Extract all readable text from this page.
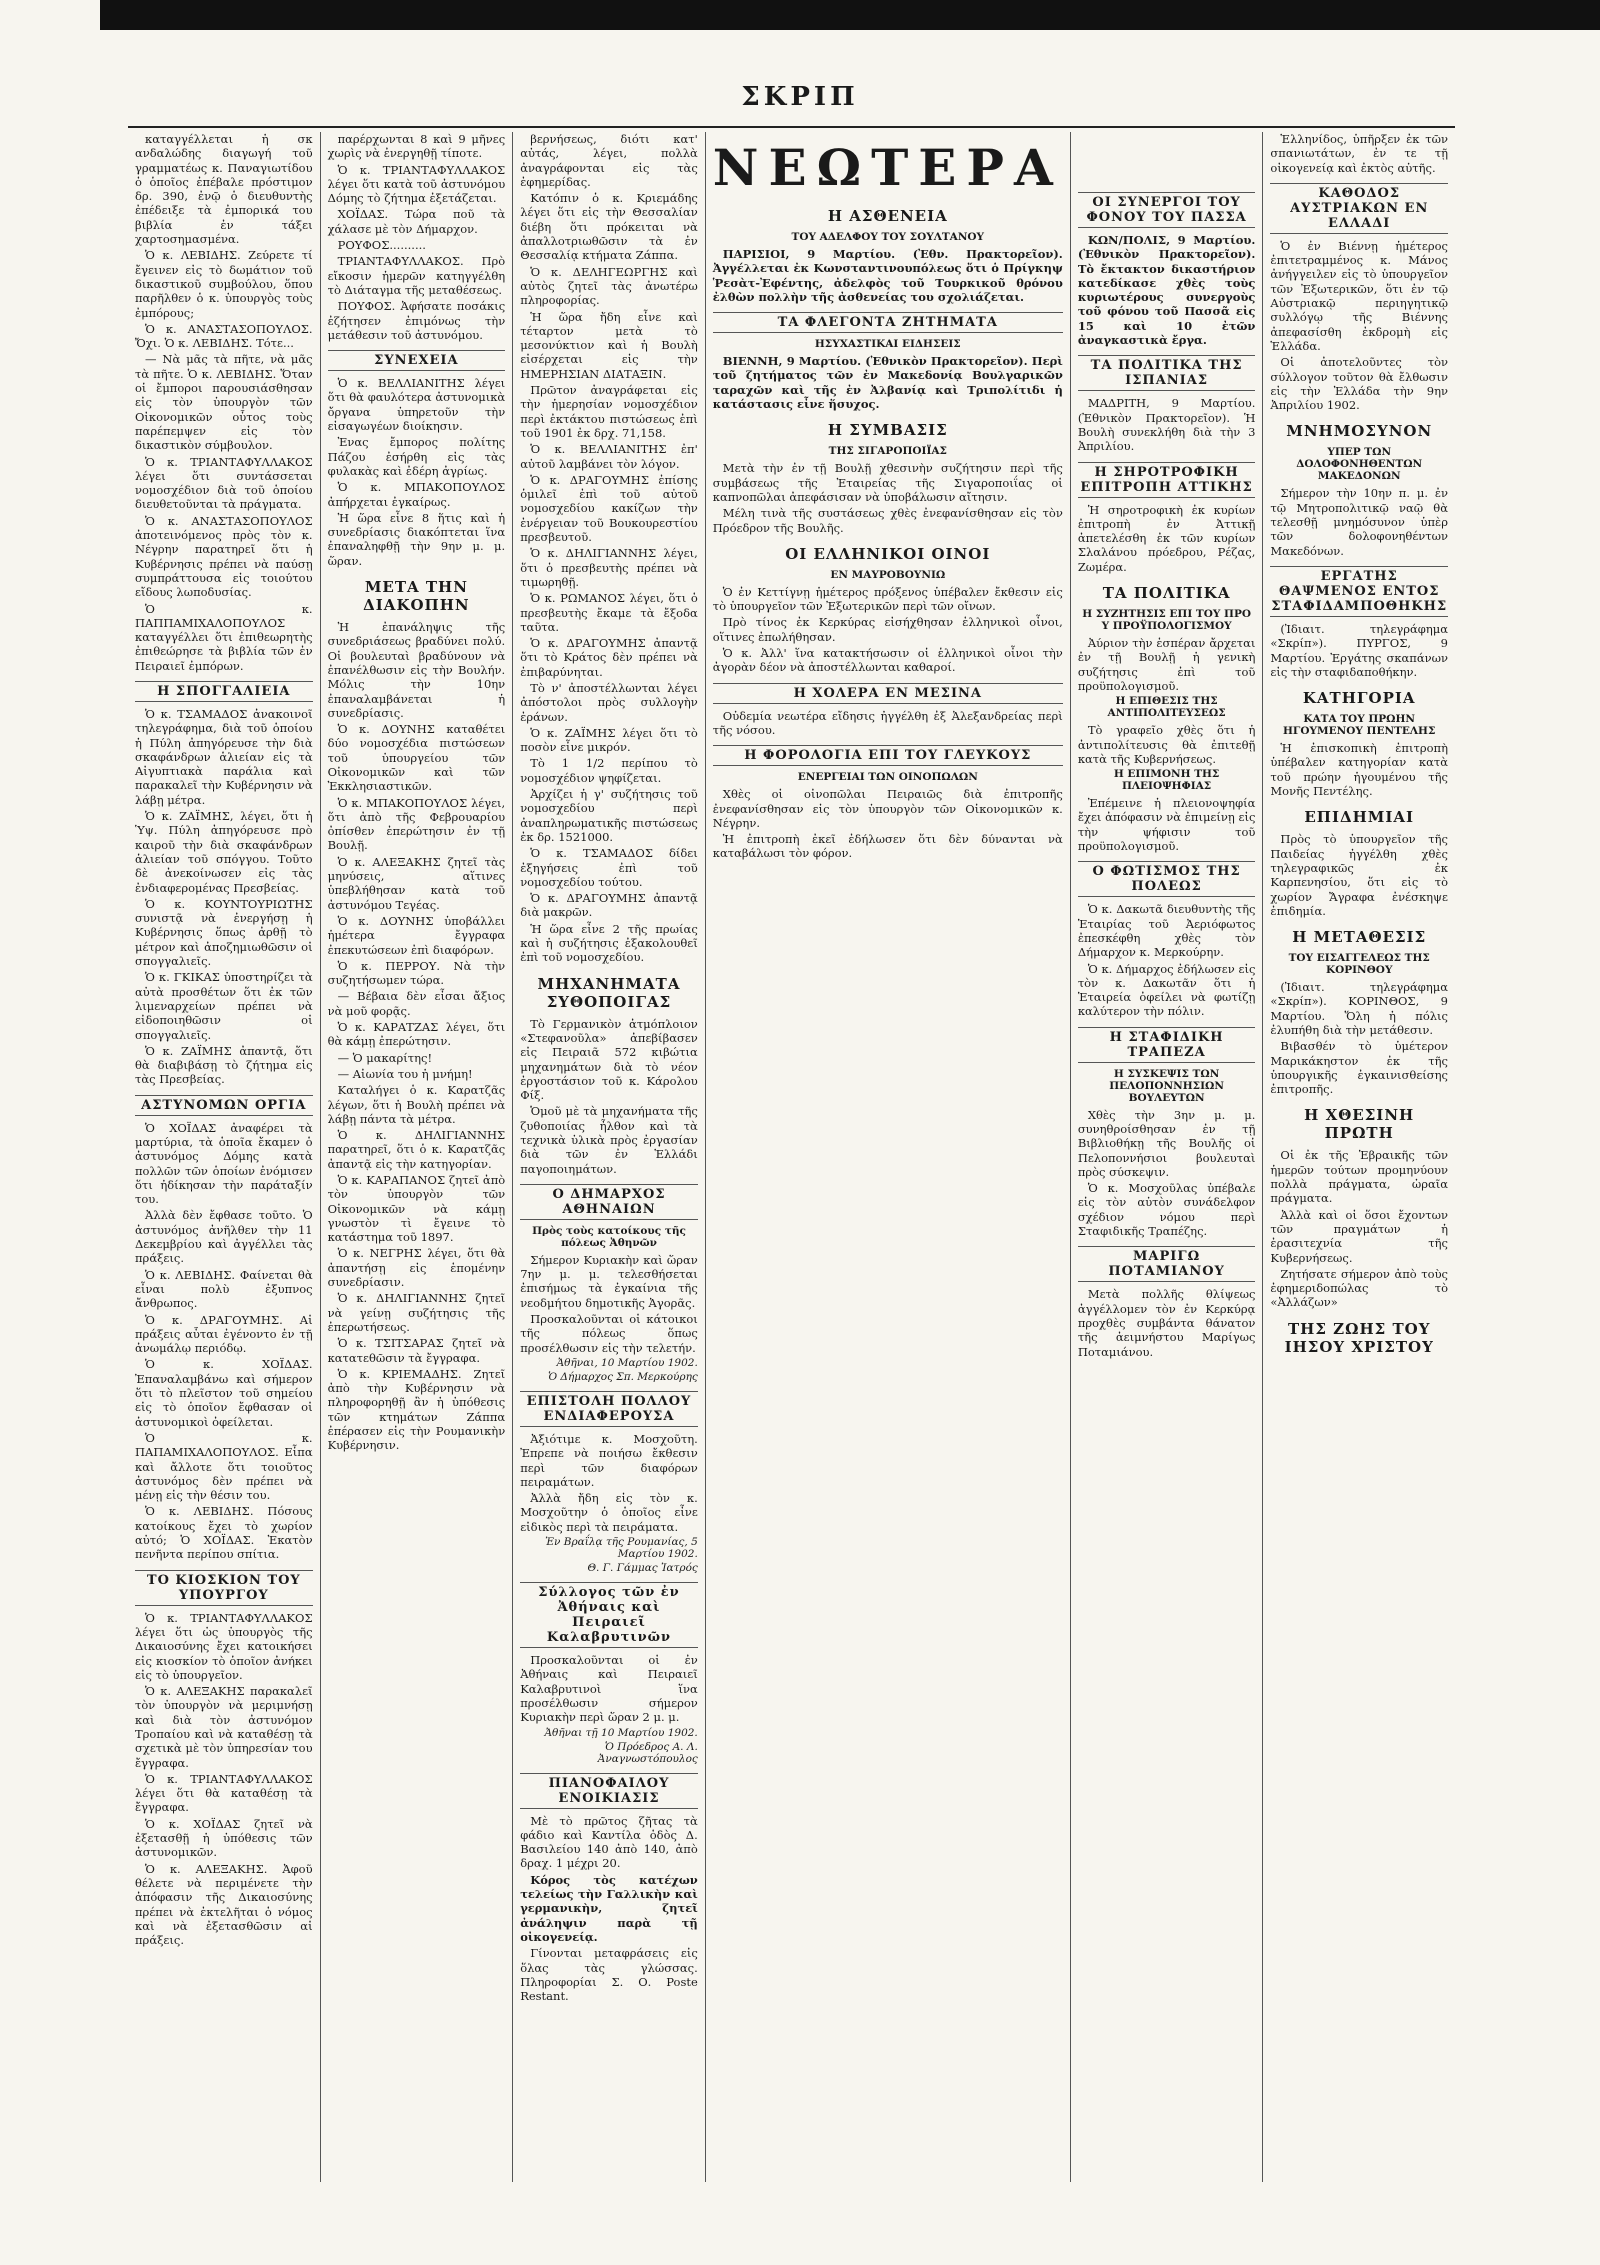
ΣΚΡΙΠ

καταγγέλλεται ἡ σκ ανδαλώδης διαγωγή τοῦ γραμματέως κ. Παναγιωτίδου ὁ ὁποῖος ἐπέβαλε πρόστιμον δρ. 390, ἐνῷ ὁ διευθυντὴς ἐπέδειξε τὰ ἐμπορικά του βιβλία ἐν τάξει χαρτοσημασμένα.

Ὁ κ. ΛΕΒΙΔΗΣ. Ζεύρετε τί ἔγεινεν εἰς τὸ δωμάτιον τοῦ δικαστικοῦ συμβούλου, ὅπου παρῆλθεν ὁ κ. ὑπουργὸς τοὺς ἐμπόρους;

Ὁ κ. ΑΝΑΣΤΑΣΟΠΟΥΛΟΣ. Ὄχι. Ὁ κ. ΛΕΒΙΔΗΣ. Τότε...

— Νὰ μᾶς τὰ πῆτε, νὰ μᾶς τὰ πῆτε. Ὁ κ. ΛΕΒΙΔΗΣ. Ὅταν οἱ ἔμποροι παρουσιάσθησαν εἰς τὸν ὑπουργὸν τῶν Οἰκονομικῶν οὗτος τοὺς παρέπεμψεν εἰς τὸν δικαστικὸν σύμβουλον.

Ὁ κ. ΤΡΙΑΝΤΑΦΥΛΛΑΚΟΣ λέγει ὅτι συντάσσεται νομοσχέδιον διὰ τοῦ ὁποίου διευθετοῦνται τὰ πράγματα.

Ὁ κ. ΑΝΑΣΤΑΣΟΠΟΥΛΟΣ ἀποτεινόμενος πρὸς τὸν κ. Νέγρην παρατηρεῖ ὅτι ἡ Κυβέρνησις πρέπει νὰ παύσῃ συμπράττουσα εἰς τοιούτου εἴδους λωποδυσίας.

Ὁ κ. ΠΑΠΠΑΜΙΧΑΛΟΠΟΥΛΟΣ καταγγέλλει ὅτι ἐπιθεωρητὴς ἐπιθεώρησε τὰ βιβλία τῶν ἐν Πειραιεῖ ἐμπόρων.

Η ΣΠΟΓΓΑΛΙΕΙΑ

Ὁ κ. ΤΣΑΜΑΔΟΣ ἀνακοινοῖ τηλεγράφημα, διὰ τοῦ ὁποίου ἡ Πύλη ἀπηγόρευσε τὴν διὰ σκαφάνδρων ἁλιείαν εἰς τὰ Αἰγυπτιακὰ παράλια καὶ παρακαλεῖ τὴν Κυβέρνησιν νὰ λάβῃ μέτρα.

Ὁ κ. ΖΑΪΜΗΣ, λέγει, ὅτι ἡ Ὑψ. Πύλη ἀπηγόρευσε πρὸ καιροῦ τὴν διὰ σκαφάνδρων ἁλιείαν τοῦ σπόγγου. Τοῦτο δὲ ἀνεκοίνωσεν εἰς τὰς ἐνδιαφερομένας Πρεσβείας.

Ὁ κ. ΚΟΥΝΤΟΥΡΙΩΤΗΣ συνιστᾷ νὰ ἐνεργήσῃ ἡ Κυβέρνησις ὅπως ἀρθῇ τὸ μέτρον καὶ ἀποζημιωθῶσιν οἱ σπογγαλιεῖς.

Ὁ κ. ΓΚΙΚΑΣ ὑποστηρίζει τὰ αὐτὰ προσθέτων ὅτι ἐκ τῶν λιμεναρχείων πρέπει νὰ εἰδοποιηθῶσιν οἱ σπογγαλιεῖς.

Ὁ κ. ΖΑΪΜΗΣ ἀπαντᾷ, ὅτι θὰ διαβιβάσῃ τὸ ζήτημα εἰς τὰς Πρεσβείας.

ΑΣΤΥΝΟΜΩΝ ΟΡΓΙΑ

Ὁ ΧΟΪΔΑΣ ἀναφέρει τὰ μαρτύρια, τὰ ὁποῖα ἔκαμεν ὁ ἀστυνόμος Δόμης κατὰ πολλῶν τῶν ὁποίων ἐνόμισεν ὅτι ἠδίκησαν τὴν παράταξίν του.

Ἀλλὰ δὲν ἔφθασε τοῦτο. Ὁ ἀστυνόμος ἀνῆλθεν τὴν 11 Δεκεμβρίου καὶ ἀγγέλλει τὰς πράξεις.

Ὁ κ. ΛΕΒΙΔΗΣ. Φαίνεται θὰ εἶναι πολὺ ἐξυπνος ἄνθρωπος.

Ὁ κ. ΔΡΑΓΟΥΜΗΣ. Αἱ πράξεις αὗται ἐγένοντο ἐν τῇ ἀνωμάλῳ περιόδῳ.

Ὁ κ. ΧΟΪΔΑΣ. Ἐπαναλαμβάνω καὶ σήμερον ὅτι τὸ πλεῖστον τοῦ σημείου εἰς τὸ ὁποῖον ἔφθασαν οἱ ἀστυνομικοὶ ὀφείλεται.

Ὁ κ. ΠΑΠΑΜΙΧΑΛΟΠΟΥΛΟΣ. Εἶπα καὶ ἄλλοτε ὅτι τοιοῦτος ἀστυνόμος δὲν πρέπει νὰ μένῃ εἰς τὴν θέσιν του.

Ὁ κ. ΛΕΒΙΔΗΣ. Πόσους κατοίκους ἔχει τὸ χωρίον αὐτό; Ὁ ΧΟΪΔΑΣ. Ἑκατὸν πενῆντα περίπου σπίτια.

ΤΟ ΚΙΟΣΚΙΟΝ ΤΟΥ ΥΠΟΥΡΓΟΥ

Ὁ κ. ΤΡΙΑΝΤΑΦΥΛΛΑΚΟΣ λέγει ὅτι ὡς ὑπουργὸς τῆς Δικαιοσύνης ἔχει κατοικήσει εἰς κιοσκίον τὸ ὁποῖον ἀνήκει εἰς τὸ ὑπουργεῖον.

Ὁ κ. ΑΛΕΞΑΚΗΣ παρακαλεῖ τὸν ὑπουργὸν νὰ μεριμνήσῃ καὶ διὰ τὸν ἀστυνόμον Τροπαίου καὶ νὰ καταθέσῃ τὰ σχετικὰ μὲ τὸν ὑπηρεσίαν του ἔγγραφα.

Ὁ κ. ΤΡΙΑΝΤΑΦΥΛΛΑΚΟΣ λέγει ὅτι θὰ καταθέσῃ τὰ ἔγγραφα.

Ὁ κ. ΧΟΪΔΑΣ ζητεῖ νὰ ἐξετασθῇ ἡ ὑπόθεσις τῶν ἀστυνομικῶν.

Ὁ κ. ΑΛΕΞΑΚΗΣ. Ἀφοῦ θέλετε νὰ περιμένετε τὴν ἀπόφασιν τῆς Δικαιοσύνης πρέπει νὰ ἐκτελῆται ὁ νόμος καὶ νὰ ἐξετασθῶσιν αἱ πράξεις.

παρέρχωνται 8 καὶ 9 μῆνες χωρὶς νὰ ἐνεργηθῇ τίποτε.

Ὁ κ. ΤΡΙΑΝΤΑΦΥΛΛΑΚΟΣ λέγει ὅτι κατὰ τοῦ ἀστυνόμου Δόμης τὸ ζήτημα ἐξετάζεται.

ΧΟΪΔΑΣ. Τώρα ποῦ τὰ χάλασε μὲ τὸν Δήμαρχον.

ΡΟΥΦΟΣ..........

ΤΡΙΑΝΤΑΦΥΛΛΑΚΟΣ. Πρὸ εἴκοσιν ἡμερῶν κατηγγέλθη τὸ Διάταγμα τῆς μεταθέσεως.

ΠΟΥΦΟΣ. Ἀφήσατε ποσάκις ἐζήτησεν ἐπιμόνως τὴν μετάθεσιν τοῦ ἀστυνόμου.

ΣΥΝΕΧΕΙΑ

Ὁ κ. ΒΕΛΛΙΑΝΙΤΗΣ λέγει ὅτι θὰ φαυλότερα ἀστυνομικὰ ὄργανα ὑπηρετοῦν τὴν εἰσαγωγέων διοίκησιν.

Ἐνας ἔμπορος πολίτης Πάζου ἐσήρθη εἰς τὰς φυλακὰς καὶ ἐδέρη ἀγρίως.

Ὁ κ. ΜΠΑΚΟΠΟΥΛΟΣ ἀπήρχεται ἐγκαίρως.

Ἡ ὥρα εἶνε 8 ἥτις καὶ ἡ συνεδρίασις διακόπτεται ἵνα ἐπαναληφθῇ τὴν 9ην μ. μ. ὥραν.

ΜΕΤΑ ΤΗΝ ΔΙΑΚΟΠΗΝ

Ἡ ἐπανάληψις τῆς συνεδριάσεως βραδύνει πολύ. Οἱ βουλευταὶ βραδύνουν νὰ ἐπανέλθωσιν εἰς τὴν Βουλήν. Μόλις τὴν 10ην ἐπαναλαμβάνεται ἡ συνεδρίασις.

Ὁ κ. ΔΟΥΝΗΣ καταθέτει δύο νομοσχέδια πιστώσεων τοῦ ὑπουργείου τῶν Οἰκονομικῶν καὶ τῶν Ἐκκλησιαστικῶν.

Ὁ κ. ΜΠΑΚΟΠΟΥΛΟΣ λέγει, ὅτι ἀπὸ τῆς Φεβρουαρίου ὀπίσθεν ἐπερώτησιν ἐν τῇ Βουλῇ.

Ὁ κ. ΑΛΕΞΑΚΗΣ ζητεῖ τὰς μηνύσεις, αἵτινες ὑπεβλήθησαν κατὰ τοῦ ἀστυνόμου Τεγέας.

Ὁ κ. ΔΟΥΝΗΣ ὑποβάλλει ἡμέτερα ἔγγραφα ἐπεκυτώσεων ἐπὶ διαφόρων.

Ὁ κ. ΠΕΡΡΟΥ. Νὰ τὴν συζητήσωμεν τώρα.

— Βέβαια δὲν εἶσαι ἄξιος νὰ μοῦ φορᾷς.

Ὁ κ. ΚΑΡΑΤΖΑΣ λέγει, ὅτι θὰ κάμῃ ἐπερώτησιν.

— Ὁ μακαρίτης!

— Αἰωνία του ἡ μνήμη!

Καταλήγει ὁ κ. Καρατζᾶς λέγων, ὅτι ἡ Βουλὴ πρέπει νὰ λάβῃ πάντα τὰ μέτρα.

Ὁ κ. ΔΗΛΙΓΙΑΝΝΗΣ παρατηρεῖ, ὅτι ὁ κ. Καρατζᾶς ἀπαντᾷ εἰς τὴν κατηγορίαν.

Ὁ κ. ΚΑΡΑΠΑΝΟΣ ζητεῖ ἀπὸ τὸν ὑπουργὸν τῶν Οἰκονομικῶν νὰ κάμῃ γνωστὸν τὶ ἔγεινε τὸ κατάστημα τοῦ 1897.

Ὁ κ. ΝΕΓΡΗΣ λέγει, ὅτι θὰ ἀπαντήσῃ εἰς ἑπομένην συνεδρίασιν.

Ὁ κ. ΔΗΛΙΓΙΑΝΝΗΣ ζητεῖ νὰ γείνῃ συζήτησις τῆς ἐπερωτήσεως.

Ὁ κ. ΤΣΙΤΣΑΡΑΣ ζητεῖ νὰ κατατεθῶσιν τὰ ἔγγραφα.

Ὁ κ. ΚΡΙΕΜΑΔΗΣ. Ζητεῖ ἀπὸ τὴν Κυβέρνησιν νὰ πληροφορηθῇ ἂν ἡ ὑπόθεσις τῶν κτημάτων Ζάππα ἐπέρασεν εἰς τὴν Ρουμανικὴν Κυβέρνησιν.

βερνήσεως, διότι κατ' αὐτάς, λέγει, πολλὰ ἀναγράφονται εἰς τὰς ἐφημερίδας.

Κατόπιν ὁ κ. Κριεμάδης λέγει ὅτι εἰς τὴν Θεσσαλίαν διέβη ὅτι πρόκειται νὰ ἀπαλλοτριωθῶσιν τὰ ἐν Θεσσαλίᾳ κτήματα Ζάππα.

Ὁ κ. ΔΕΛΗΓΕΩΡΓΗΣ καὶ αὐτὸς ζητεῖ τὰς ἀνωτέρω πληροφορίας.

Ἡ ὥρα ἤδη εἶνε καὶ τέταρτον μετὰ τὸ μεσονύκτιον καὶ ἡ Βουλὴ εἰσέρχεται εἰς τὴν ΗΜΕΡΗΣΙΑΝ ΔΙΑΤΑΞΙΝ.

Πρῶτον ἀναγράφεται εἰς τὴν ἡμερησίαν νομοσχέδιον περὶ ἐκτάκτου πιστώσεως ἐπὶ τοῦ 1901 ἐκ δρχ. 71,158.

Ὁ κ. ΒΕΛΛΙΑΝΙΤΗΣ ἐπ' αὐτοῦ λαμβάνει τὸν λόγον.

Ὁ κ. ΔΡΑΓΟΥΜΗΣ ἐπίσης ὁμιλεῖ ἐπὶ τοῦ αὐτοῦ νομοσχεδίου κακίζων τὴν ἐνέργειαν τοῦ Βουκουρεστίου πρεσβευτοῦ.

Ὁ κ. ΔΗΛΙΓΙΑΝΝΗΣ λέγει, ὅτι ὁ πρεσβευτὴς πρέπει νὰ τιμωρηθῇ.

Ὁ κ. ΡΩΜΑΝΟΣ λέγει, ὅτι ὁ πρεσβευτὴς ἔκαμε τὰ ἔξοδα ταῦτα.

Ὁ κ. ΔΡΑΓΟΥΜΗΣ ἀπαντᾷ ὅτι τὸ Κράτος δὲν πρέπει νὰ ἐπιβαρύνηται.

Τὸ ν' ἀποστέλλωνται λέγει ἀπόστολοι πρὸς συλλογὴν ἐράνων.

Ὁ κ. ΖΑΪΜΗΣ λέγει ὅτι τὸ ποσὸν εἶνε μικρόν.

Τὸ 1 1/2 περίπου τὸ νομοσχέδιον ψηφίζεται.

Ἀρχίζει ἡ γ' συζήτησις τοῦ νομοσχεδίου περὶ ἀναπληρωματικῆς πιστώσεως ἐκ δρ. 1521000.

Ὁ κ. ΤΣΑΜΑΔΟΣ δίδει ἐξηγήσεις ἐπὶ τοῦ νομοσχεδίου τούτου.

Ὁ κ. ΔΡΑΓΟΥΜΗΣ ἀπαντᾷ διὰ μακρῶν.

Ἡ ὥρα εἶνε 2 τῆς πρωίας καὶ ἡ συζήτησις ἐξακολουθεῖ ἐπὶ τοῦ νομοσχεδίου.

ΜΗΧΑΝΗΜΑΤΑ ΣΥΘΟΠΟΙΓΑΣ

Τὸ Γερμανικὸν ἀτμόπλοιον «Στεφανοῦλα» ἀπεβίβασεν εἰς Πειραιᾶ 572 κιβώτια μηχανημάτων διὰ τὸ νέον ἐργοστάσιον τοῦ κ. Κάρολου Φίξ.

Ὁμοῦ μὲ τὰ μηχανήματα τῆς ζυθοποιίας ἦλθον καὶ τὰ τεχνικὰ ὑλικὰ πρὸς ἐργασίαν διὰ τῶν ἐν Ἑλλάδι παγοποιημάτων.

Ο ΔΗΜΑΡΧΟΣ ΑΘΗΝΑΙΩΝ
Πρὸς τοὺς κατοίκους τῆς πόλεως Ἀθηνῶν

Σήμερον Κυριακὴν καὶ ὥραν 7ην μ. μ. τελεσθήσεται ἐπισήμως τὰ ἐγκαίνια τῆς νεοδμήτου δημοτικῆς Ἀγορᾶς.

Προσκαλοῦνται οἱ κάτοικοι τῆς πόλεως ὅπως προσέλθωσιν εἰς τὴν τελετήν.

Ἀθῆναι, 10 Μαρτίου 1902.
Ὁ Δήμαρχος Σπ. Μερκούρης
ΕΠΙΣΤΟΛΗ ΠΟΛΛΟΥ ΕΝΔΙΑΦΕΡΟΥΣΑ

Ἀξιότιμε κ. Μοσχοῦτη. Ἐπρεπε νὰ ποιήσω ἔκθεσιν περὶ τῶν διαφόρων πειραμάτων.

Ἀλλὰ ἤδη εἰς τὸν κ. Μοσχοῦτην ὁ ὁποῖος εἶνε εἰδικὸς περὶ τὰ πειράματα.

Ἐν Βραΐλᾳ τῆς Ρουμανίας, 5 Μαρτίου 1902.
Θ. Γ. Γάμμας Ἰατρός
Σύλλογος τῶν ἐν Ἀθήναις καὶ Πειραιεῖ Καλαβρυτινῶν

Προσκαλοῦνται οἱ ἐν Ἀθήναις καὶ Πειραιεῖ Καλαβρυτινοὶ ἵνα προσέλθωσιν σήμερον Κυριακὴν περὶ ὥραν 2 μ. μ.

Ἀθῆναι τῇ 10 Μαρτίου 1902.
Ὁ Πρόεδρος Α. Λ. Ἀναγνωστόπουλος
ΠΙΑΝΟΦΑΙΛΟΥ ΕΝΟΙΚΙΑΣΙΣ

Μὲ τὸ πρῶτος ζῆτας τὰ φάδιο καὶ Καντίλα ὁδὸς Δ. Βασιλείου 140 ἀπὸ 140, ἀπὸ δραχ. 1 μέχρι 20.

Κόρος τὸς κατέχων τελείως τὴν Γαλλικὴν καὶ γερμανικὴν, ζητεῖ ἀνάληψιν παρὰ τῇ οἰκογενείᾳ.

Γίνονται μεταφράσεις εἰς ὅλας τὰς γλώσσας. Πληροφορίαι Σ. Ο. Poste Restant.

ΝΕΩΤΕΡΑ
Η ΑΣΘΕΝΕΙΑ
ΤΟΥ ΑΔΕΛΦΟΥ ΤΟΥ ΣΟΥΛΤΑΝΟΥ

ΠΑΡΙΣΙΟΙ, 9 Μαρτίου. (Ἐθν. Πρακτορεῖον). Ἀγγέλλεται ἐκ Κωνσταντινουπόλεως ὅτι ὁ Πρίγκηψ Ῥεσὰτ-Ἐφέντης, ἀδελφὸς τοῦ Τουρκικοῦ θρόνου ἐλθὼν πολλὴν τῆς ἀσθενείας του σχολιάζεται.

ΤΑ ΦΛΕΓΟΝΤΑ ΖΗΤΗΜΑΤΑ
ΗΣΥΧΑΣΤΙΚΑΙ ΕΙΔΗΣΕΙΣ

ΒΙΕΝΝΗ, 9 Μαρτίου. (Ἐθνικὸν Πρακτορεῖον). Περὶ τοῦ ζητήματος τῶν ἐν Μακεδονίᾳ Βουλγαρικῶν ταραχῶν καὶ τῆς ἐν Ἀλβανίᾳ καὶ Τριπολίτιδι ἡ κατάστασις εἶνε ἥσυχος.

Η ΣΥΜΒΑΣΙΣ
ΤΗΣ ΣΙΓΑΡΟΠΟΙΪΑΣ

Μετὰ τὴν ἐν τῇ Βουλῇ χθεσινὴν συζήτησιν περὶ τῆς συμβάσεως τῆς Ἑταιρείας τῆς Σιγαροποιΐας οἱ καπνοπῶλαι ἀπεφάσισαν νὰ ὑποβάλωσιν αἴτησιν.

Μέλη τινὰ τῆς συστάσεως χθὲς ἐνεφανίσθησαν εἰς τὸν Πρόεδρον τῆς Βουλῆς.

ΟΙ ΕΛΛΗΝΙΚΟΙ ΟΙΝΟΙ
ΕΝ ΜΑΥΡΟΒΟΥΝΙΩ

Ὁ ἐν Κεττίγνῃ ἡμέτερος πρόξενος ὑπέβαλεν ἔκθεσιν εἰς τὸ ὑπουργεῖον τῶν Ἐξωτερικῶν περὶ τῶν οἴνων.

Πρὸ τίνος ἐκ Κερκύρας εἰσήχθησαν ἑλληνικοὶ οἶνοι, οἵτινες ἐπωλήθησαν.

Ὁ κ. Ἀλλ' ἵνα κατακτήσωσιν οἱ ἑλληνικοὶ οἶνοι τὴν ἀγορὰν δέον νὰ ἀποστέλλωνται καθαροί.

Η ΧΟΛΕΡΑ ΕΝ ΜΕΣΙΝΑ

Οὐδεμία νεωτέρα εἴδησις ἠγγέλθη ἐξ Ἀλεξανδρείας περὶ τῆς νόσου.

Η ΦΟΡΟΛΟΓΙΑ ΕΠΙ ΤΟΥ ΓΛΕΥΚΟΥΣ
ΕΝΕΡΓΕΙΑΙ ΤΩΝ ΟΙΝΟΠΩΛΩΝ

Χθὲς οἱ οἰνοπῶλαι Πειραιῶς διὰ ἐπιτροπῆς ἐνεφανίσθησαν εἰς τὸν ὑπουργὸν τῶν Οἰκονομικῶν κ. Νέγρην.

Ἡ ἐπιτροπὴ ἐκεῖ ἐδήλωσεν ὅτι δὲν δύνανται νὰ καταβάλωσι τὸν φόρον.

ΟΙ ΣΥΝΕΡΓΟΙ ΤΟΥ ΦΟΝΟΥ ΤΟΥ ΠΑΣΣΑ

ΚΩΝ/ΠΟΛΙΣ, 9 Μαρτίου. (Ἐθνικὸν Πρακτορεῖον). Τὸ ἔκτακτον δικαστήριον κατεδίκασε χθὲς τοὺς κυριωτέρους συνεργοὺς τοῦ φόνου τοῦ Πασσᾶ εἰς 15 καὶ 10 ἐτῶν ἀναγκαστικὰ ἔργα.

ΤΑ ΠΟΛΙΤΙΚΑ ΤΗΣ ΙΣΠΑΝΙΑΣ

ΜΑΔΡΙΤΗ, 9 Μαρτίου. (Ἐθνικὸν Πρακτορεῖον). Ἡ Βουλὴ συνεκλήθη διὰ τὴν 3 Ἀπριλίου.

Η ΣΗΡΟΤΡΟΦΙΚΗ ΕΠΙΤΡΟΠΗ ΑΤΤΙΚΗΣ

Ἡ σηροτροφικὴ ἐκ κυρίων ἐπιτροπὴ ἐν Ἀττικῇ ἀπετελέσθη ἐκ τῶν κυρίων Σλαλάνου πρόεδρου, Ρέζας, Ζωμέρα.

ΤΑ ΠΟΛΙΤΙΚΑ
Η ΣΥΖΗΤΗΣΙΣ ΕΠΙ ΤΟΥ ΠΡΟ Υ ΠΡΟΫΠΟΛΟΓΙΣΜΟΥ

Ἀύριον τὴν ἑσπέραν ἄρχεται ἐν τῇ Βουλῇ ἡ γενικὴ συζήτησις ἐπὶ τοῦ προϋπολογισμοῦ.

Η ΕΠΙΘΕΣΙΣ ΤΗΣ ΑΝΤΙΠΟΛΙΤΕΥΣΕΩΣ

Τὸ γραφεῖο χθὲς ὅτι ἡ ἀντιπολίτευσις θὰ ἐπιτεθῇ κατὰ τῆς Κυβερνήσεως.

Η ΕΠΙΜΟΝΗ ΤΗΣ ΠΛΕΙΟΨΗΦΙΑΣ

Ἐπέμεινε ἡ πλειονοψηφία ἔχει ἀπόφασιν νὰ ἐπιμείνῃ εἰς τὴν ψήφισιν τοῦ προϋπολογισμοῦ.

Ο ΦΩΤΙΣΜΟΣ ΤΗΣ ΠΟΛΕΩΣ

Ὁ κ. Δακωτᾶ διευθυντὴς τῆς Ἑταιρίας τοῦ Ἀεριόφωτος ἐπεσκέφθη χθὲς τὸν Δήμαρχον κ. Μερκούρην.

Ὁ κ. Δήμαρχος ἐδήλωσεν εἰς τὸν κ. Δακωτᾶν ὅτι ἡ Ἑταιρεία ὀφείλει νὰ φωτίζῃ καλύτερον τὴν πόλιν.

Η ΣΤΑΦΙΔΙΚΗ ΤΡΑΠΕΖΑ
Η ΣΥΣΚΕΨΙΣ ΤΩΝ ΠΕΛΟΠΟΝΝΗΣΙΩΝ ΒΟΥΛΕΥΤΩΝ

Χθὲς τὴν 3ην μ. μ. συνηθροίσθησαν ἐν τῇ Βιβλιοθήκῃ τῆς Βουλῆς οἱ Πελοποννήσιοι βουλευταὶ πρὸς σύσκεψιν.

Ὁ κ. Μοσχοῦλας ὑπέβαλε εἰς τὸν αὐτὸν συνάδελφον σχέδιον νόμου περὶ Σταφιδικῆς Τραπέζης.

ΜΑΡΙΓΩ ΠΟΤΑΜΙΑΝΟΥ

Μετὰ πολλῆς θλίψεως ἀγγέλλομεν τὸν ἐν Κερκύρᾳ προχθὲς συμβάντα θάνατον τῆς ἀειμνήστου Μαρίγως Ποταμιάνου.

Ἑλληνίδος, ὑπῆρξεν ἐκ τῶν σπανιωτάτων, ἐν τε τῇ οἰκογενείᾳ καὶ ἐκτὸς αὐτῆς.

ΚΑΘΟΔΟΣ ΑΥΣΤΡΙΑΚΩΝ ΕΝ ΕΛΛΑΔΙ

Ὁ ἐν Βιέννῃ ἡμέτερος ἐπιτετραμμένος κ. Μάνος ἀνήγγειλεν εἰς τὸ ὑπουργεῖον τῶν Ἐξωτερικῶν, ὅτι ἐν τῷ Αὐστριακῷ περιηγητικῷ συλλόγῳ τῆς Βιέννης ἀπεφασίσθη ἐκδρομὴ εἰς Ἑλλάδα.

Οἱ ἀποτελοῦντες τὸν σύλλογον τοῦτον θὰ ἔλθωσιν εἰς τὴν Ἑλλάδα τὴν 9ην Ἀπριλίου 1902.

ΜΝΗΜΟΣΥΝΟΝ
ΥΠΕΡ ΤΩΝ ΔΟΛΟΦΟΝΗΘΕΝΤΩΝ ΜΑΚΕΔΟΝΩΝ

Σήμερον τὴν 10ην π. μ. ἐν τῷ Μητροπολιτικῷ ναῷ θὰ τελεσθῇ μνημόσυνον ὑπὲρ τῶν δολοφονηθέντων Μακεδόνων.

ΕΡΓΑΤΗΣ ΘΑΨΜΕΝΟΣ ΕΝΤΟΣ ΣΤΑΦΙΔΑΜΠΟΘΗΚΗΣ

(Ἰδιαιτ. τηλεγράφημα «Σκρίπ»). ΠΥΡΓΟΣ, 9 Μαρτίου. Ἐργάτης σκαπάνων εἰς τὴν σταφιδαποθήκην.

ΚΑΤΗΓΟΡΙΑ
ΚΑΤΑ ΤΟΥ ΠΡΩΗΝ ΗΓΟΥΜΕΝΟΥ ΠΕΝΤΕΛΗΣ

Ἡ ἐπισκοπικὴ ἐπιτροπὴ ὑπέβαλεν κατηγορίαν κατὰ τοῦ πρώην ἡγουμένου τῆς Μονῆς Πεντέλης.

ΕΠΙΔΗΜΙΑΙ

Πρὸς τὸ ὑπουργεῖον τῆς Παιδείας ἠγγέλθη χθὲς τηλεγραφικῶς ἐκ Καρπενησίου, ὅτι εἰς τὸ χωρίον Ἄγραφα ἐνέσκηψε ἐπιδημία.

Η ΜΕΤΑΘΕΣΙΣ
ΤΟΥ ΕΙΣΑΓΓΕΛΕΩΣ ΤΗΣ ΚΟΡΙΝΘΟΥ

(Ἰδιαιτ. τηλεγράφημα «Σκρίπ»). ΚΟΡΙΝΘΟΣ, 9 Μαρτίου. Ὅλη ἡ πόλις ἐλυπήθη διὰ τὴν μετάθεσιν.

Βιβασθέν τὸ ὑμέτερον Μαρικάκηστον ἐκ τῆς ὑπουργικῆς ἐγκαινισθείσης ἐπιτροπῆς.

Η ΧΘΕΣΙΝΗ ΠΡΩΤΗ

Οἱ ἐκ τῆς Ἑβραικῆς τῶν ἡμερῶν τούτων προμηνύουν πολλὰ πράγματα, ὡραῖα πράγματα.

Ἀλλὰ καὶ οἱ ὅσοι ἔχοντων τῶν πραγμάτων ἡ ἐρασιτεχνία τῆς Κυβερνήσεως.

Ζητήσατε σήμερον ἀπὸ τοὺς ἐφημεριδοπώλας τὸ «Ἀλλάζων»

ΤΗΣ ΖΩΗΣ ΤΟΥ ΙΗΣΟΥ ΧΡΙΣΤΟΥ
